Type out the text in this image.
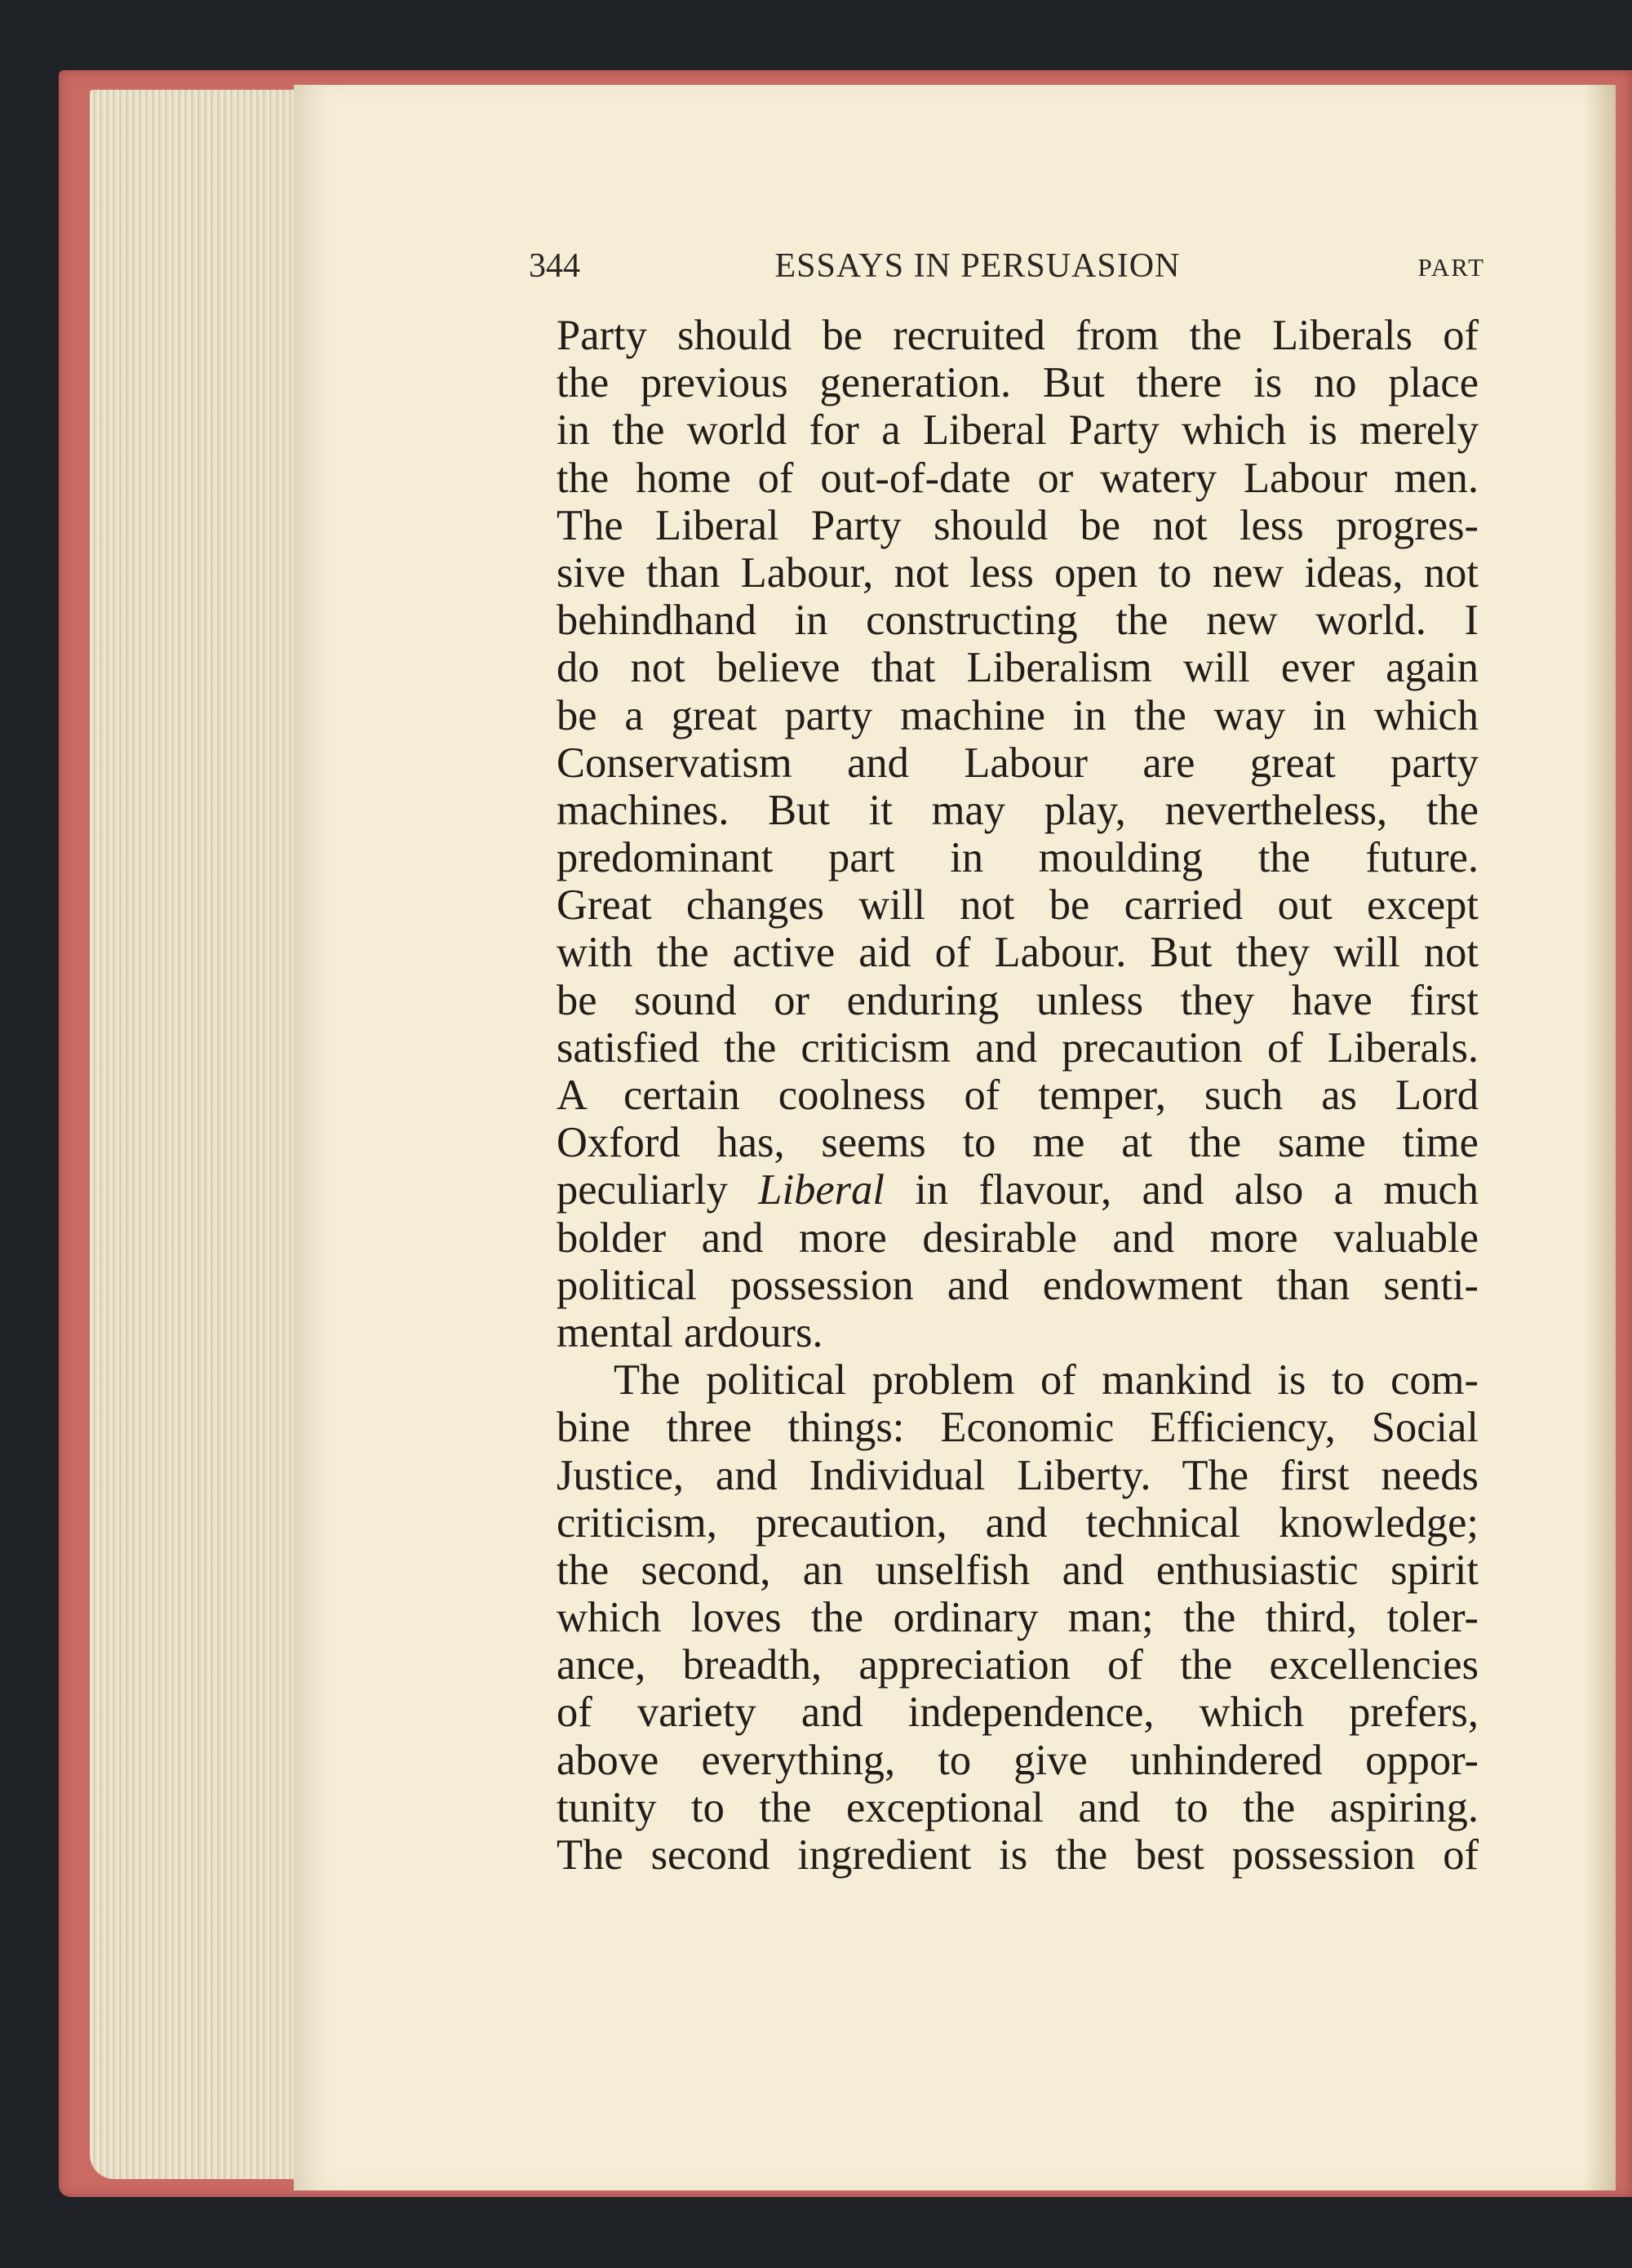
344	ESSAYS IN PERSUASION	PART
Party should be recruited from the Liberals of
the previous generation. But there is no place
in the world for a Liberal Party which is merely
the home of out-of-date or watery Labour men.
The Liberal Party should be not less progres-
sive than Labour, not less open to new ideas, not
behindhand in constructing the new world. I
do not believe that Liberalism will ever again
be a great party machine in the way in which
Conservatism and Labour are great party
machines. But it may play, nevertheless, the
predominant part in moulding the future.
Great changes will not be carried out except
with the active aid of Labour. But they will not
be sound or enduring unless they have first
satisfied the criticism and precaution of Liberals.
A certain coolness of temper, such as Lord
Oxford has, seems to me at the same time
peculiarly Liberal in flavour, and also a much
bolder and more desirable and more valuable
political possession and endowment than senti-
mental ardours.
The political problem of mankind is to com-
bine three things: Economic Efficiency, Social
Justice, and Individual Liberty. The first needs
criticism, precaution, and technical knowledge;
the second, an unselfish and enthusiastic spirit
which loves the ordinary man; the third, toler-
ance, breadth, appreciation of the excellencies
of variety and independence, which prefers,
above everything, to give unhindered oppor-
tunity to the exceptional and to the aspiring.
The second ingredient is the best possession of
